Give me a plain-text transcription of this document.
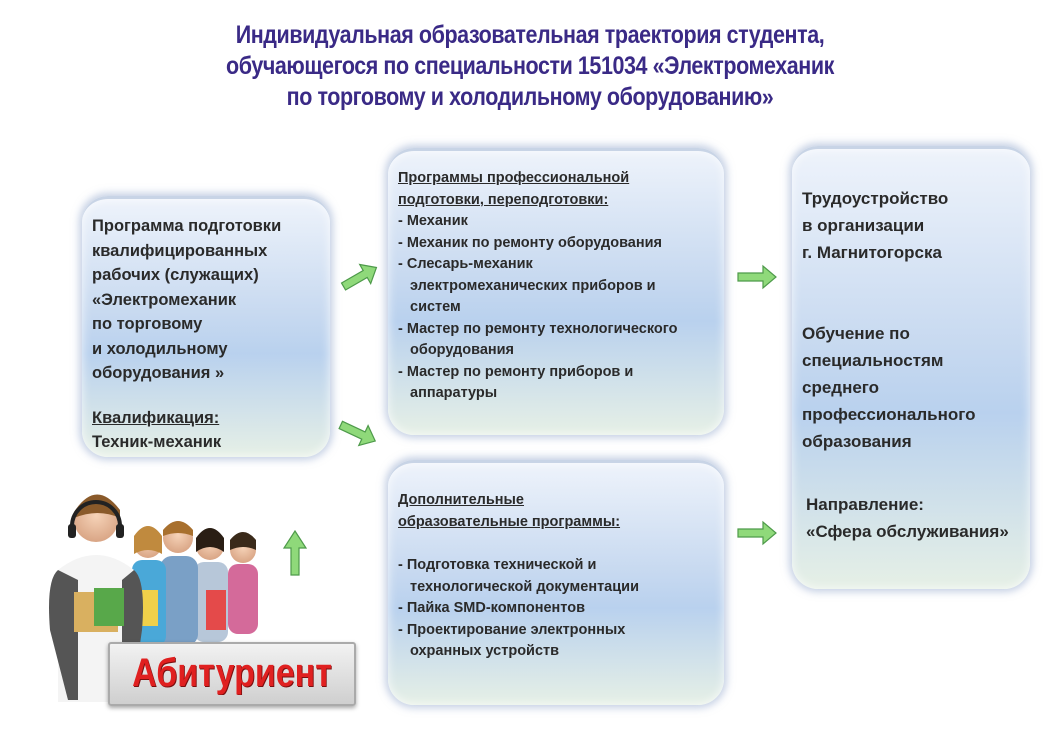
Индивидуальная образовательная траектория студента,
обучающегося по специальности 151034 «Электромеханик
по торговому и холодильному оборудованию»
Программа подготовки
квалифицированных
рабочих (служащих)
«Электромеханик
по торговому
и холодильному
оборудования »
Квалификация:
Техник-механик
Программы профессиональной
подготовки, переподготовки:
- Механик
- Механик по ремонту оборудования
- Слесарь-механик
электромеханических приборов и
систем
- Мастер по ремонту технологического
оборудования
- Мастер по ремонту приборов и
аппаратуры
Дополнительные
образовательные программы:
- Подготовка технической и
технологической документации
- Пайка SMD-компонентов
- Проектирование электронных
охранных устройств
Трудоустройство
в организации
г. Магнитогорска
Обучение по
специальностям
среднего
профессионального
образования
Направление:
«Сфера обслуживания»
Абитуриент
